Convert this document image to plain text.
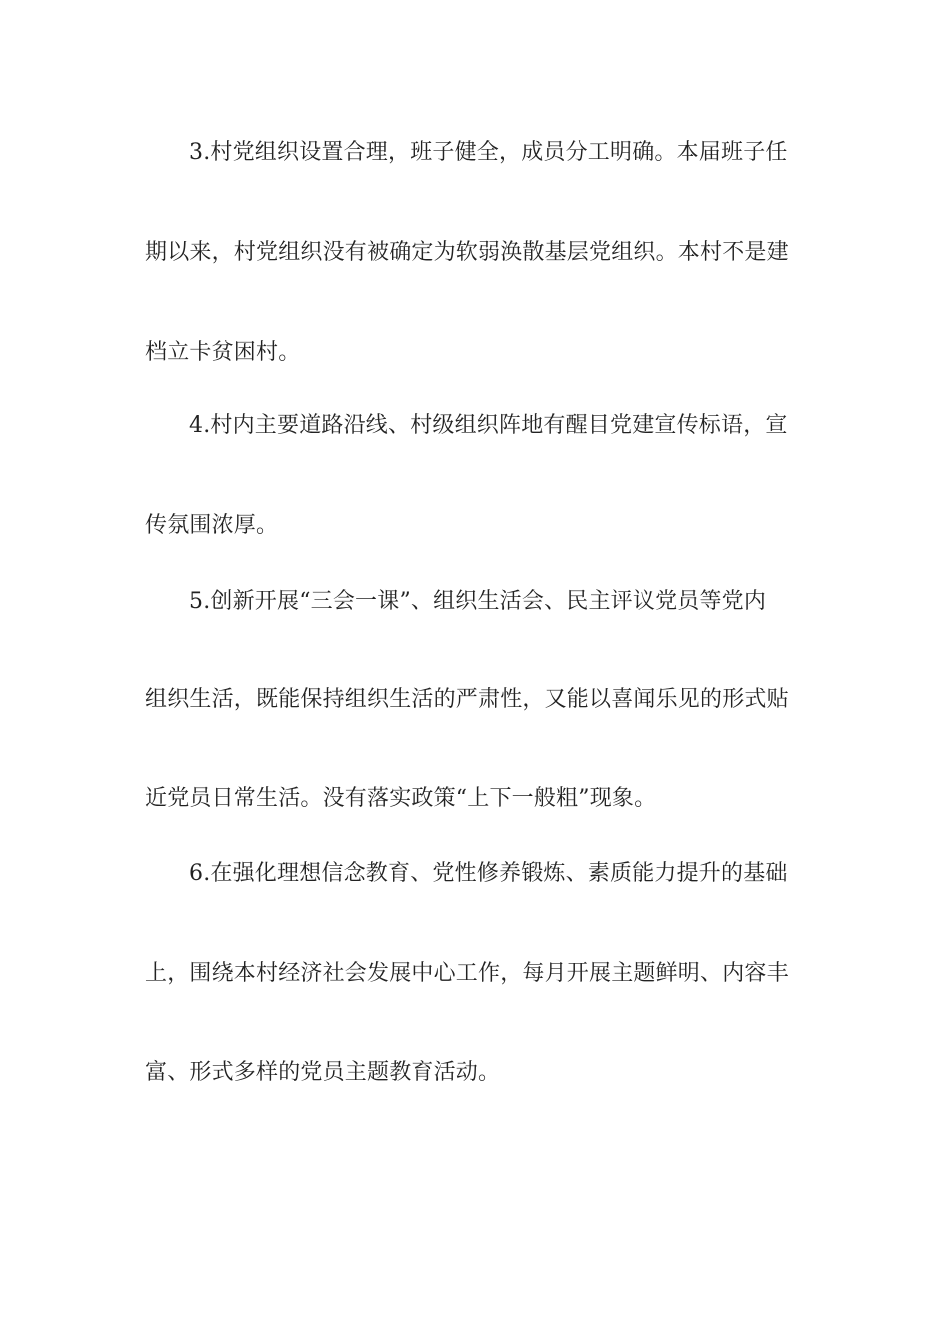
3.村党组织设置合理，班子健全，成员分工明确。本届班子任
期以来，村党组织没有被确定为软弱涣散基层党组织。本村不是建
档立卡贫困村。
4.村内主要道路沿线、村级组织阵地有醒目党建宣传标语，宣
传氛围浓厚。
5.创新开展“三会一课”、组织生活会、民主评议党员等党内
组织生活，既能保持组织生活的严肃性，又能以喜闻乐见的形式贴
近党员日常生活。没有落实政策“上下一般粗”现象。
6.在强化理想信念教育、党性修养锻炼、素质能力提升的基础
上，围绕本村经济社会发展中心工作，每月开展主题鲜明、内容丰
富、形式多样的党员主题教育活动。
